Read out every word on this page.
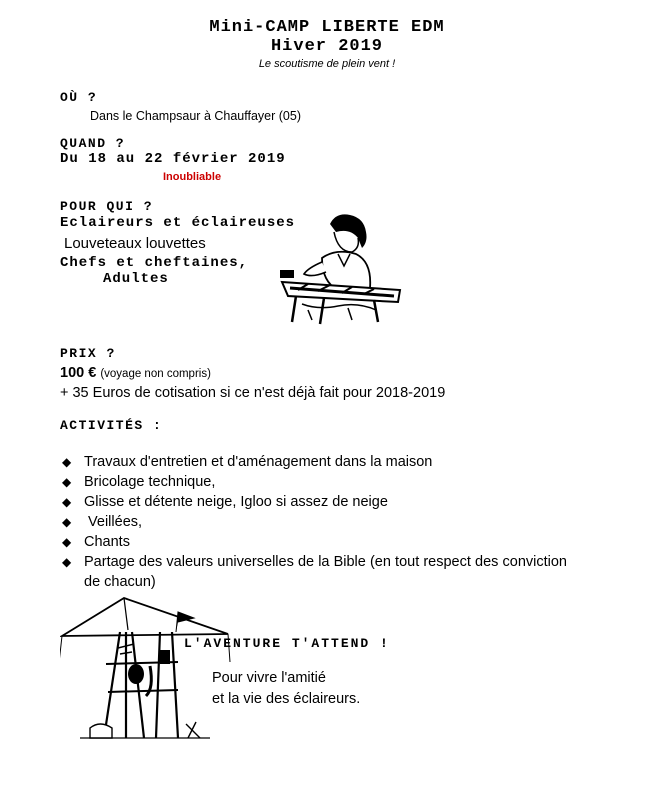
Mini-CAMP LIBERTE EDM
Hiver 2019
Le scoutisme de plein vent !
OÙ ?
Dans le Champsaur à Chauffayer (05)
QUAND ?
Du 18 au 22 février 2019
Inoubliable
POUR QUI ?
Eclaireurs et éclaireuses
Louveteaux louvettes
Chefs et cheftaines,
Adultes
PRIX ?
100 € (voyage non compris)
+ 35 Euros de cotisation si ce n'est déjà fait pour 2018-2019
ACTIVITÉS :
◆ Travaux d'entretien et d'aménagement dans la maison
◆ Bricolage technique,
◆ Glisse et détente neige, Igloo si assez de neige
◆ Veillées,
◆ Chants
◆ Partage des valeurs universelles de la Bible (en tout respect des conviction de chacun)
L'AVENTURE T'ATTEND !
Pour vivre l'amitié
et la vie des éclaireurs.
